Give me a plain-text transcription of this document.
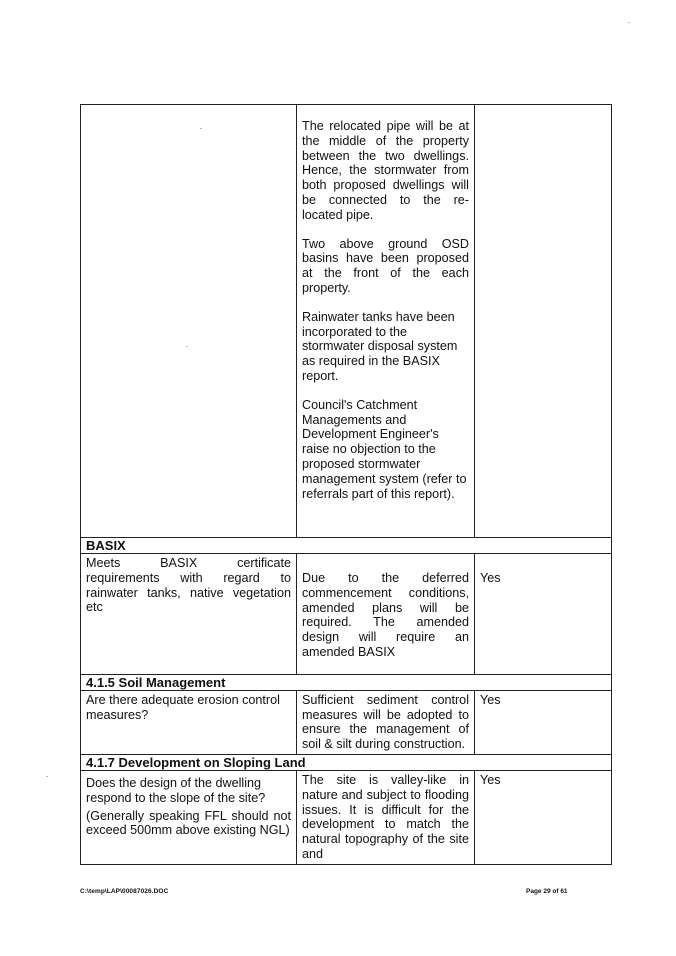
	The relocated pipe will be at the middle of the property between the two dwellings. Hence, the stormwater from both proposed dwellings will be connected to the re-located pipe.

Two above ground OSD basins have been proposed at the front of the each property.

Rainwater tanks have been incorporated to the stormwater disposal system as required in the BASIX report.

Council's Catchment Managements and Development Engineer's raise no objection to the proposed stormwater management system (refer to referrals part of this report).	

BASIX		
Meets BASIX certificate requirements with regard to rainwater tanks, native vegetation etc	Due to the deferred commencement conditions, amended plans will be required. The amended design will require an amended BASIX	Yes
4.1.5 Soil Management		
Are there adequate erosion control measures?	Sufficient sediment control measures will be adopted to ensure the management of soil & silt during construction.	Yes
4.1.7 Development on Sloping Land		

Does the design of the dwelling respond to the slope of the site?

(Generally speaking FFL should not exceed 500mm above existing NGL)	The site is valley-like in nature and subject to flooding issues. It is difficult for the development to match the natural topography of the site and	Yes
C:\temp\LAP\00087026.DOC	Page 29 of 61
